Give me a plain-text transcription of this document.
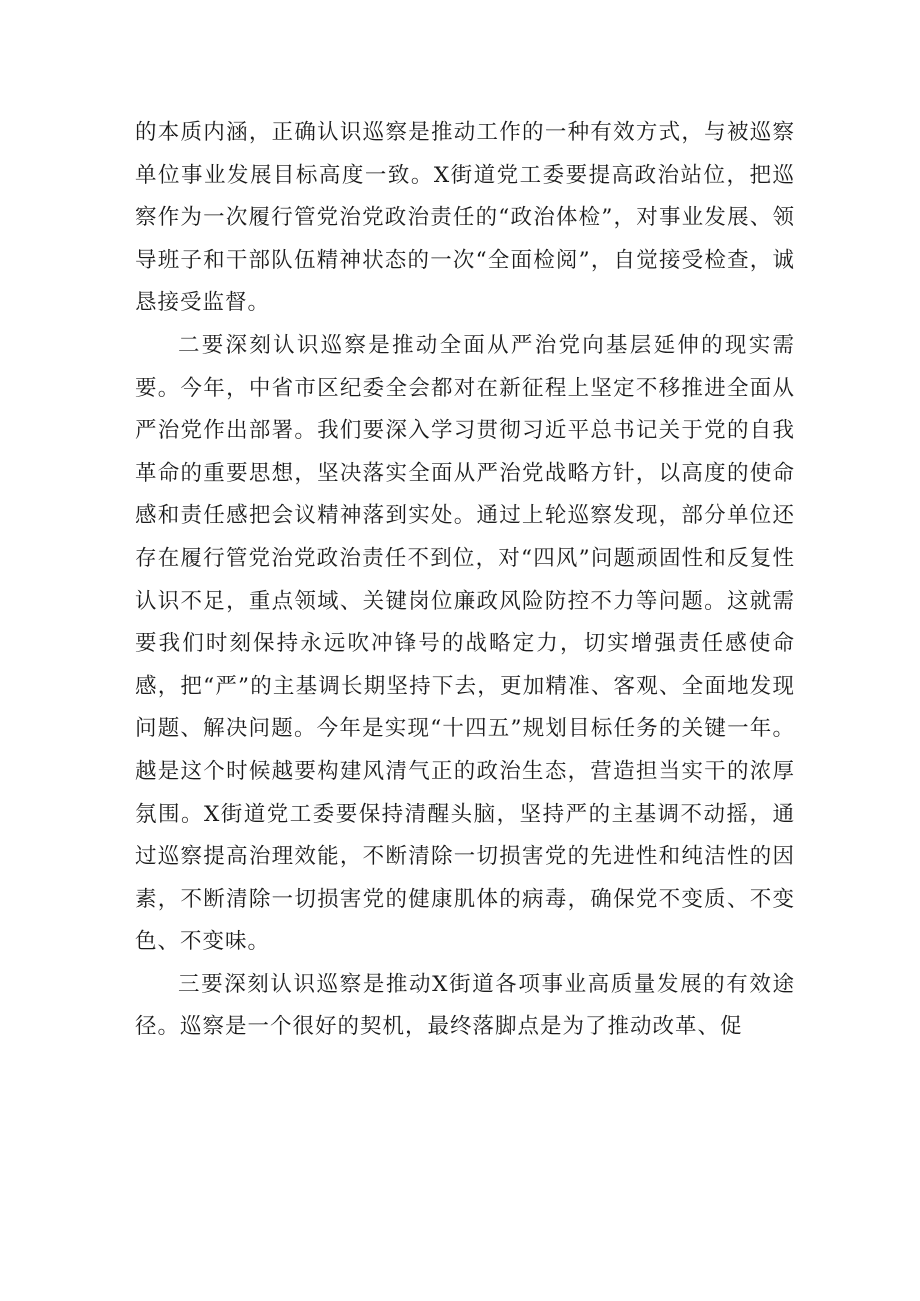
的本质内涵，正确认识巡察是推动工作的一种有效方式，与被巡察单位事业发展目标高度一致。X街道党工委要提高政治站位，把巡察作为一次履行管党治党政治责任的“政治体检”，对事业发展、领导班子和干部队伍精神状态的一次“全面检阅”，自觉接受检查，诚恳接受监督。

二要深刻认识巡察是推动全面从严治党向基层延伸的现实需要。今年，中省市区纪委全会都对在新征程上坚定不移推进全面从严治党作出部署。我们要深入学习贯彻习近平总书记关于党的自我革命的重要思想，坚决落实全面从严治党战略方针，以高度的使命感和责任感把会议精神落到实处。通过上轮巡察发现，部分单位还存在履行管党治党政治责任不到位，对“四风”问题顽固性和反复性认识不足，重点领域、关键岗位廉政风险防控不力等问题。这就需要我们时刻保持永远吹冲锋号的战略定力，切实增强责任感使命感，把“严”的主基调长期坚持下去，更加精准、客观、全面地发现问题、解决问题。今年是实现“十四五”规划目标任务的关键一年。越是这个时候越要构建风清气正的政治生态，营造担当实干的浓厚氛围。X街道党工委要保持清醒头脑，坚持严的主基调不动摇，通过巡察提高治理效能，不断清除一切损害党的先进性和纯洁性的因素，不断清除一切损害党的健康肌体的病毒，确保党不变质、不变色、不变味。

三要深刻认识巡察是推动X街道各项事业高质量发展的有效途径。巡察是一个很好的契机，最终落脚点是为了推动改革、促
